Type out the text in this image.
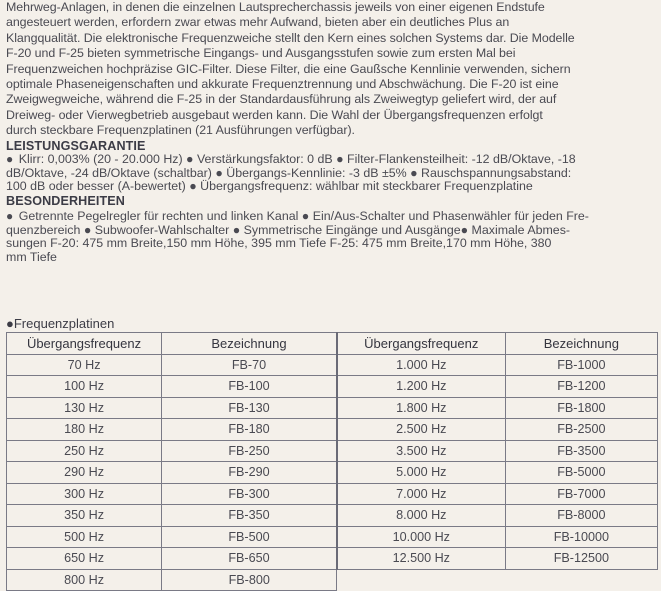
Mehrweg-Anlagen, in denen die einzelnen Lautsprecherchassis jeweils von einer eigenen Endstufe
angesteuert werden, erfordern zwar etwas mehr Aufwand, bieten aber ein deutliches Plus an
Klangqualität. Die elektronische Frequenzweiche stellt den Kern eines solchen Systems dar. Die Modelle
F-20 und F-25 bieten symmetrische Eingangs- und Ausgangsstufen sowie zum ersten Mal bei
Frequenzweichen hochpräzise GIC-Filter. Diese Filter, die eine Gaußsche Kennlinie verwenden, sichern
optimale Phaseneigenschaften und akkurate Frequenztrennung und Abschwächung. Die F-20 ist eine
Zweigwegweiche, während die F-25 in der Standardausführung als Zweiwegtyp geliefert wird, der auf
Dreiweg- oder Vierwegbetrieb ausgebaut werden kann. Die Wahl der Übergangsfrequenzen erfolgt
durch steckbare Frequenzplatinen (21 Ausführungen verfügbar).
LEISTUNGSGARANTIE
● Klirr: 0,003% (20 - 20.000 Hz) ● Verstärkungsfaktor: 0 dB ● Filter-Flankensteilheit: -12 dB/Oktave, -18
dB/Oktave, -24 dB/Oktave (schaltbar) ● Übergangs-Kennlinie: -3 dB ±5% ● Rauschspannungsabstand:
100 dB oder besser (A-bewertet) ● Übergangsfrequenz: wählbar mit steckbarer Frequenzplatine
BESONDERHEITEN
● Getrennte Pegelregler für rechten und linken Kanal ● Ein/Aus-Schalter und Phasenwähler für jeden Fre-
quenzbereich ● Subwoofer-Wahlschalter ● Symmetrische Eingänge und Ausgänge● Maximale Abmes-
sungen F-20: 475 mm Breite,150 mm Höhe, 395 mm Tiefe F-25: 475 mm Breite,170 mm Höhe, 380
mm Tiefe
●Frequenzplatinen
Übergangsfrequenz	Bezeichnung	Übergangsfrequenz	Bezeichnung
70 Hz	FB-70	1.000 Hz	FB-1000
100 Hz	FB-100	1.200 Hz	FB-1200
130 Hz	FB-130	1.800 Hz	FB-1800
180 Hz	FB-180	2.500 Hz	FB-2500
250 Hz	FB-250	3.500 Hz	FB-3500
290 Hz	FB-290	5.000 Hz	FB-5000
300 Hz	FB-300	7.000 Hz	FB-7000
350 Hz	FB-350	8.000 Hz	FB-8000
500 Hz	FB-500	10.000 Hz	FB-10000
650 Hz	FB-650	12.500 Hz	FB-12500
800 Hz	FB-800		
